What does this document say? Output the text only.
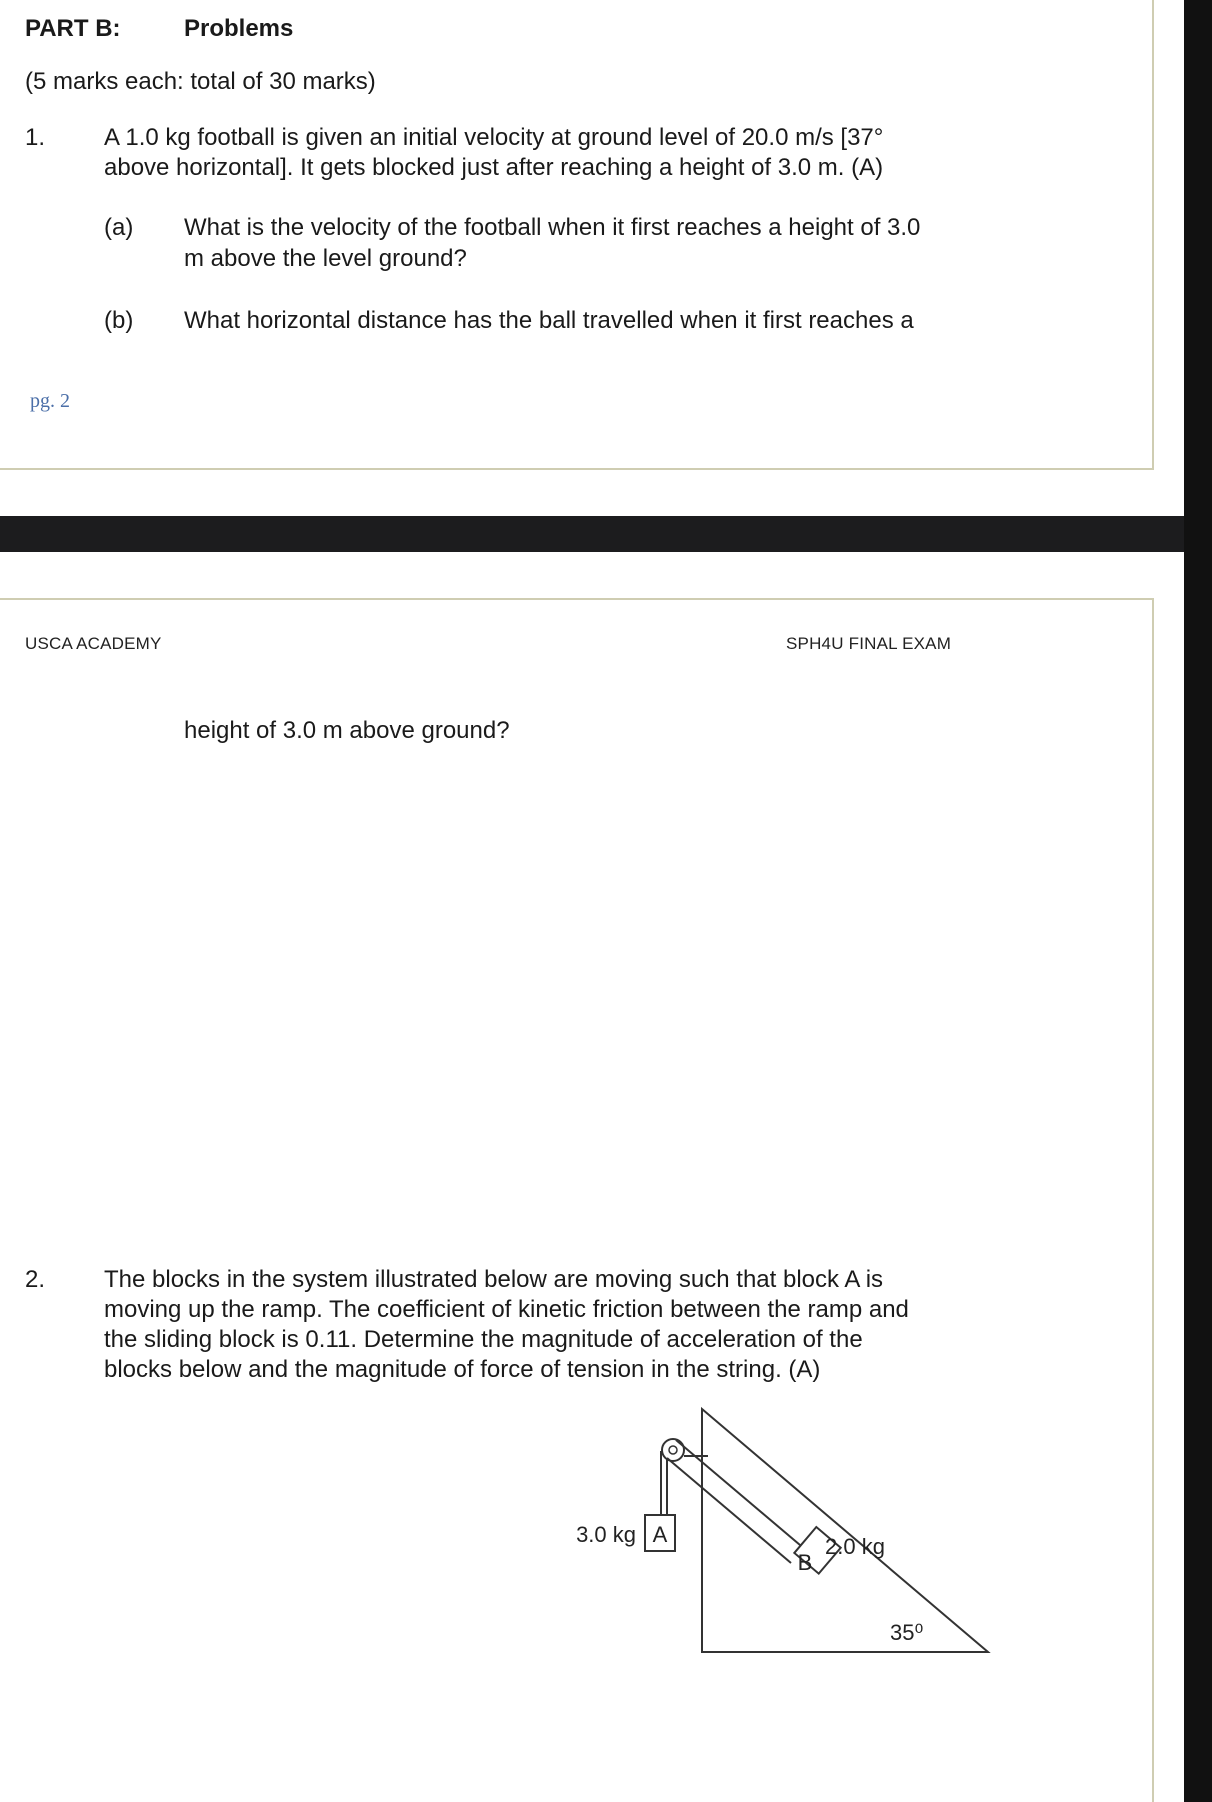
PART B:	Problems
(5 marks each: total of 30 marks)
1. A 1.0 kg football is given an initial velocity at ground level of 20.0 m/s [37°
above horizontal]. It gets blocked just after reaching a height of 3.0 m. (A)
(a) What is the velocity of the football when it first reaches a height of 3.0
m above the level ground?
(b) What horizontal distance has the ball travelled when it first reaches a
pg. 2
USCA ACADEMY	SPH4U FINAL EXAM
height of 3.0 m above ground?
2. The blocks in the system illustrated below are moving such that block A is
moving up the ramp. The coefficient of kinetic friction between the ramp and
the sliding block is 0.11. Determine the magnitude of acceleration of the
blocks below and the magnitude of force of tension in the string. (A)
A
3.0 kg
B
2.0 kg
35⁰
